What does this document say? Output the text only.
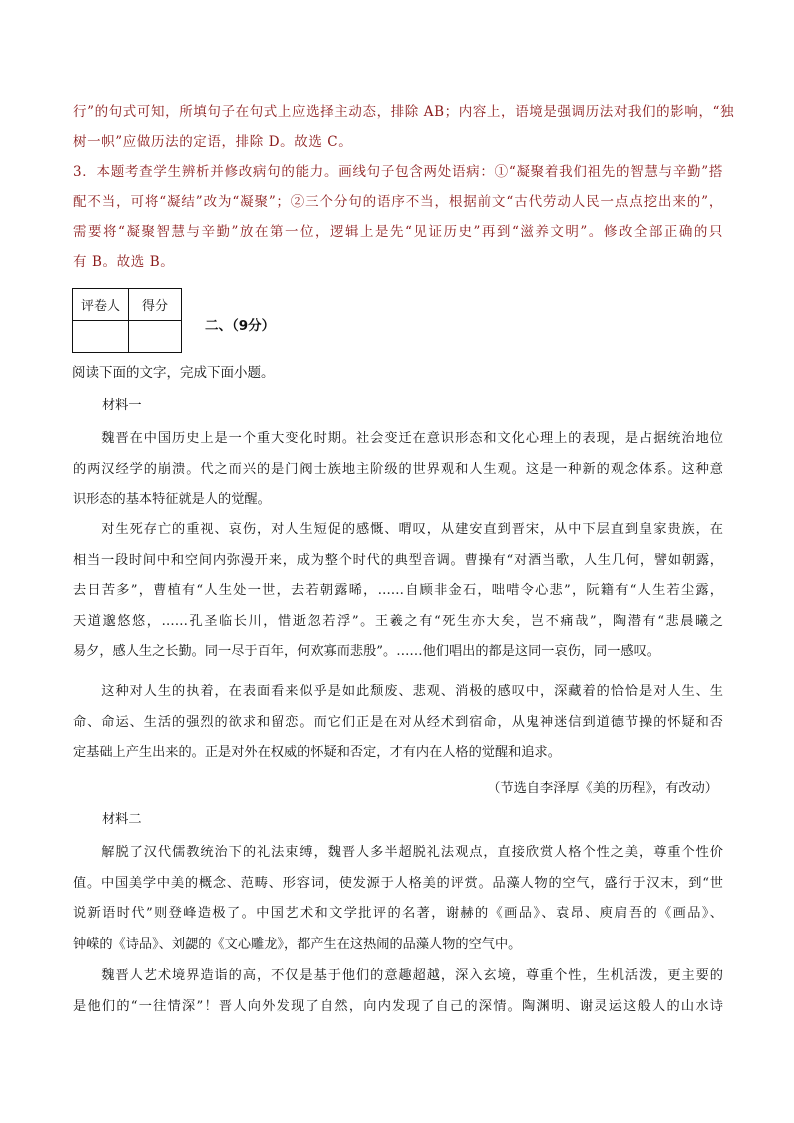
行”的句式可知，所填句子在句式上应选择主动态，排除 AB；内容上，语境是强调历法对我们的影响，“独
树一帜”应做历法的定语，排除 D。故选 C。
3．本题考查学生辨析并修改病句的能力。画线句子包含两处语病：①“凝聚着我们祖先的智慧与辛勤”搭
配不当，可将“凝结”改为“凝聚”；②三个分句的语序不当，根据前文“古代劳动人民一点点挖出来的”，
需要将“凝聚智慧与辛勤”放在第一位，逻辑上是先“见证历史”再到“滋养文明”。修改全部正确的只
有 B。故选 B。
评卷人	得分

二、（9分）
阅读下面的文字，完成下面小题。
材料一
　　魏晋在中国历史上是一个重大变化时期。社会变迁在意识形态和文化心理上的表现，是占据统治地位
的两汉经学的崩溃。代之而兴的是门阀士族地主阶级的世界观和人生观。这是一种新的观念体系。这种意
识形态的基本特征就是人的觉醒。
　　对生死存亡的重视、哀伤，对人生短促的感慨、喟叹，从建安直到晋宋，从中下层直到皇家贵族，在
相当一段时间中和空间内弥漫开来，成为整个时代的典型音调。曹操有“对酒当歌，人生几何，譬如朝露，
去日苦多”，曹植有“人生处一世，去若朝露晞，……自顾非金石，咄唶令心悲”，阮籍有“人生若尘露，
天道邈悠悠，……孔圣临长川，惜逝忽若浮”。王羲之有“死生亦大矣，岂不痛哉”，陶潜有“悲晨曦之
易夕，感人生之长勤。同一尽于百年，何欢寡而悲殷”。……他们唱出的都是这同一哀伤，同一感叹。
　　这种对人生的执着，在表面看来似乎是如此颓废、悲观、消极的感叹中，深藏着的恰恰是对人生、生
命、命运、生活的强烈的欲求和留恋。而它们正是在对从经术到宿命，从鬼神迷信到道德节操的怀疑和否
定基础上产生出来的。正是对外在权威的怀疑和否定，才有内在人格的觉醒和追求。
（节选自李泽厚《美的历程》，有改动）
材料二
　　解脱了汉代儒教统治下的礼法束缚，魏晋人多半超脱礼法观点，直接欣赏人格个性之美，尊重个性价
值。中国美学中美的概念、范畴、形容词，使发源于人格美的评赏。品藻人物的空气，盛行于汉末，到“世
说新语时代”则登峰造极了。中国艺术和文学批评的名著，谢赫的《画品》、袁昂、庾肩吾的《画品》、
钟嵘的《诗品》、刘勰的《文心雕龙》，都产生在这热闹的品藻人物的空气中。
　　魏晋人艺术境界造诣的高，不仅是基于他们的意趣超越，深入玄境，尊重个性，生机活泼，更主要的
是他们的“一往情深”！晋人向外发现了自然，向内发现了自己的深情。陶渊明、谢灵运这般人的山水诗
